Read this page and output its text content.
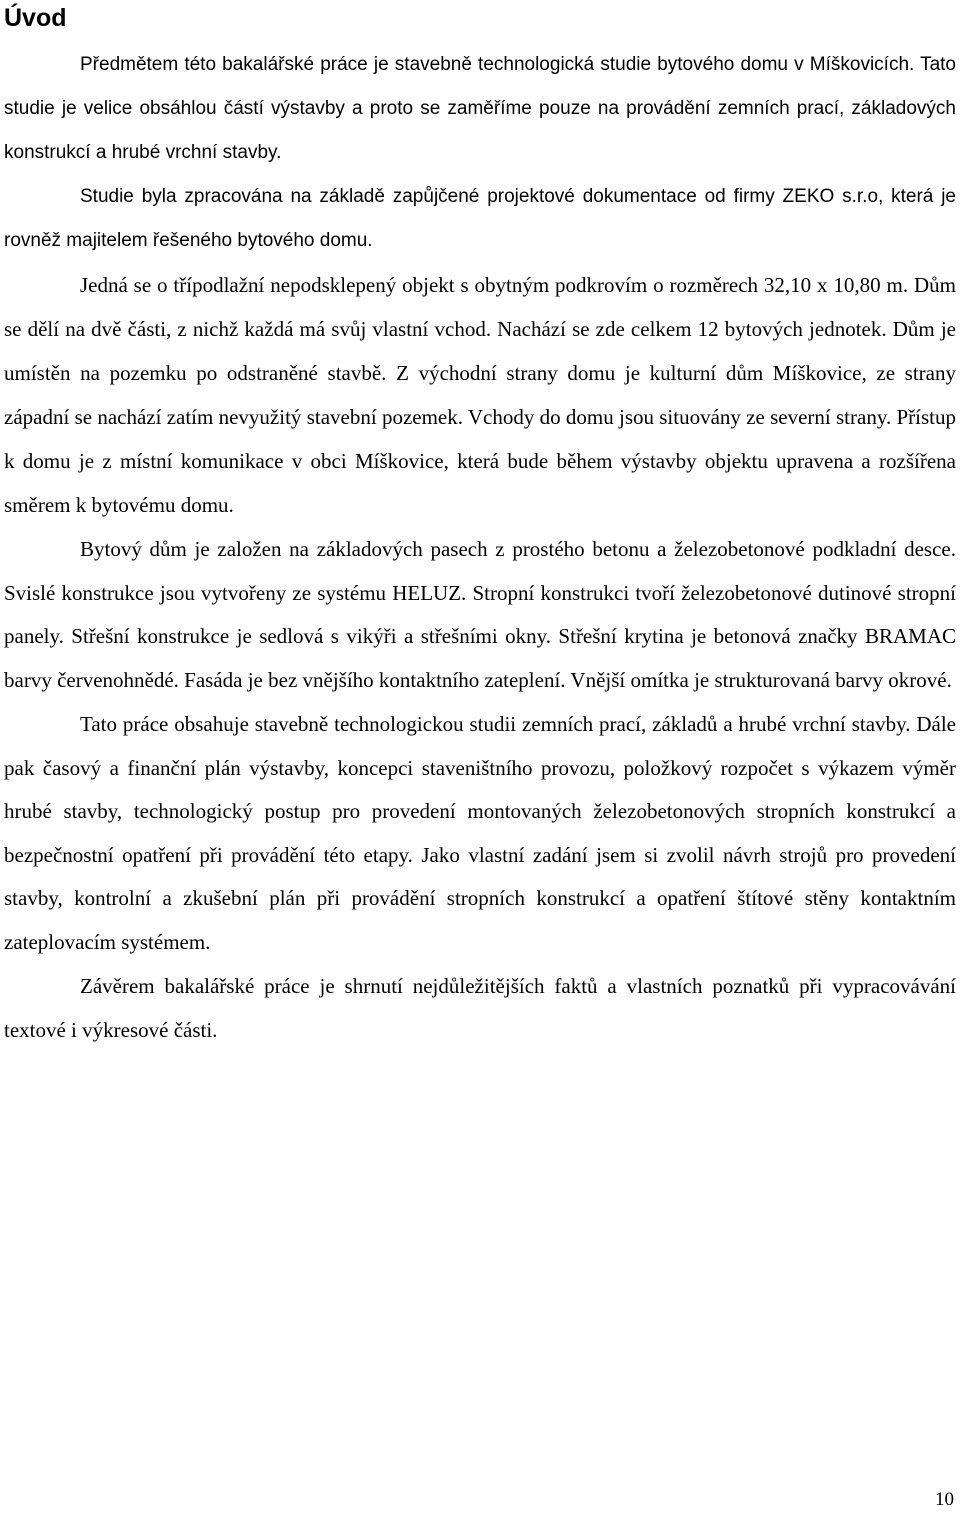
Úvod

Předmětem této bakalářské práce je stavebně technologická studie bytového domu v Míškovicích. Tato studie je velice obsáhlou částí výstavby a proto se zaměříme pouze na provádění zemních prací, základových konstrukcí a hrubé vrchní stavby.

Studie byla zpracována na základě zapůjčené projektové dokumentace od firmy ZEKO s.r.o, která je rovněž majitelem řešeného bytového domu.

Jedná se o třípodlažní nepodsklepený objekt s obytným podkrovím o rozměrech 32,10 x 10,80 m. Dům se dělí na dvě části, z nichž každá má svůj vlastní vchod. Nachází se zde celkem 12 bytových jednotek. Dům je umístěn na pozemku po odstraněné stavbě. Z východní strany domu je kulturní dům Míškovice, ze strany západní se nachází zatím nevyužitý stavební pozemek. Vchody do domu jsou situovány ze severní strany. Přístup k domu je z místní komunikace v obci Míškovice, která bude během výstavby objektu upravena a rozšířena směrem k bytovému domu.

Bytový dům je založen na základových pasech z prostého betonu a železobetonové podkladní desce. Svislé konstrukce jsou vytvořeny ze systému HELUZ. Stropní konstrukci tvoří železobetonové dutinové stropní panely. Střešní konstrukce je sedlová s vikýři a střešními okny. Střešní krytina je betonová značky BRAMAC barvy červenohnědé. Fasáda je bez vnějšího kontaktního zateplení. Vnější omítka je strukturovaná barvy okrové.

Tato práce obsahuje stavebně technologickou studii zemních prací, základů a hrubé vrchní stavby. Dále pak časový a finanční plán výstavby, koncepci staveništního provozu, položkový rozpočet s výkazem výměr hrubé stavby, technologický postup pro provedení montovaných železobetonových stropních konstrukcí a bezpečnostní opatření při provádění této etapy. Jako vlastní zadání jsem si zvolil návrh strojů pro provedení stavby, kontrolní a zkušební plán při provádění stropních konstrukcí a opatření štítové stěny kontaktním zateplovacím systémem.

Závěrem bakalářské práce je shrnutí nejdůležitějších faktů a vlastních poznatků při vypracovávání textové i výkresové části.

10
